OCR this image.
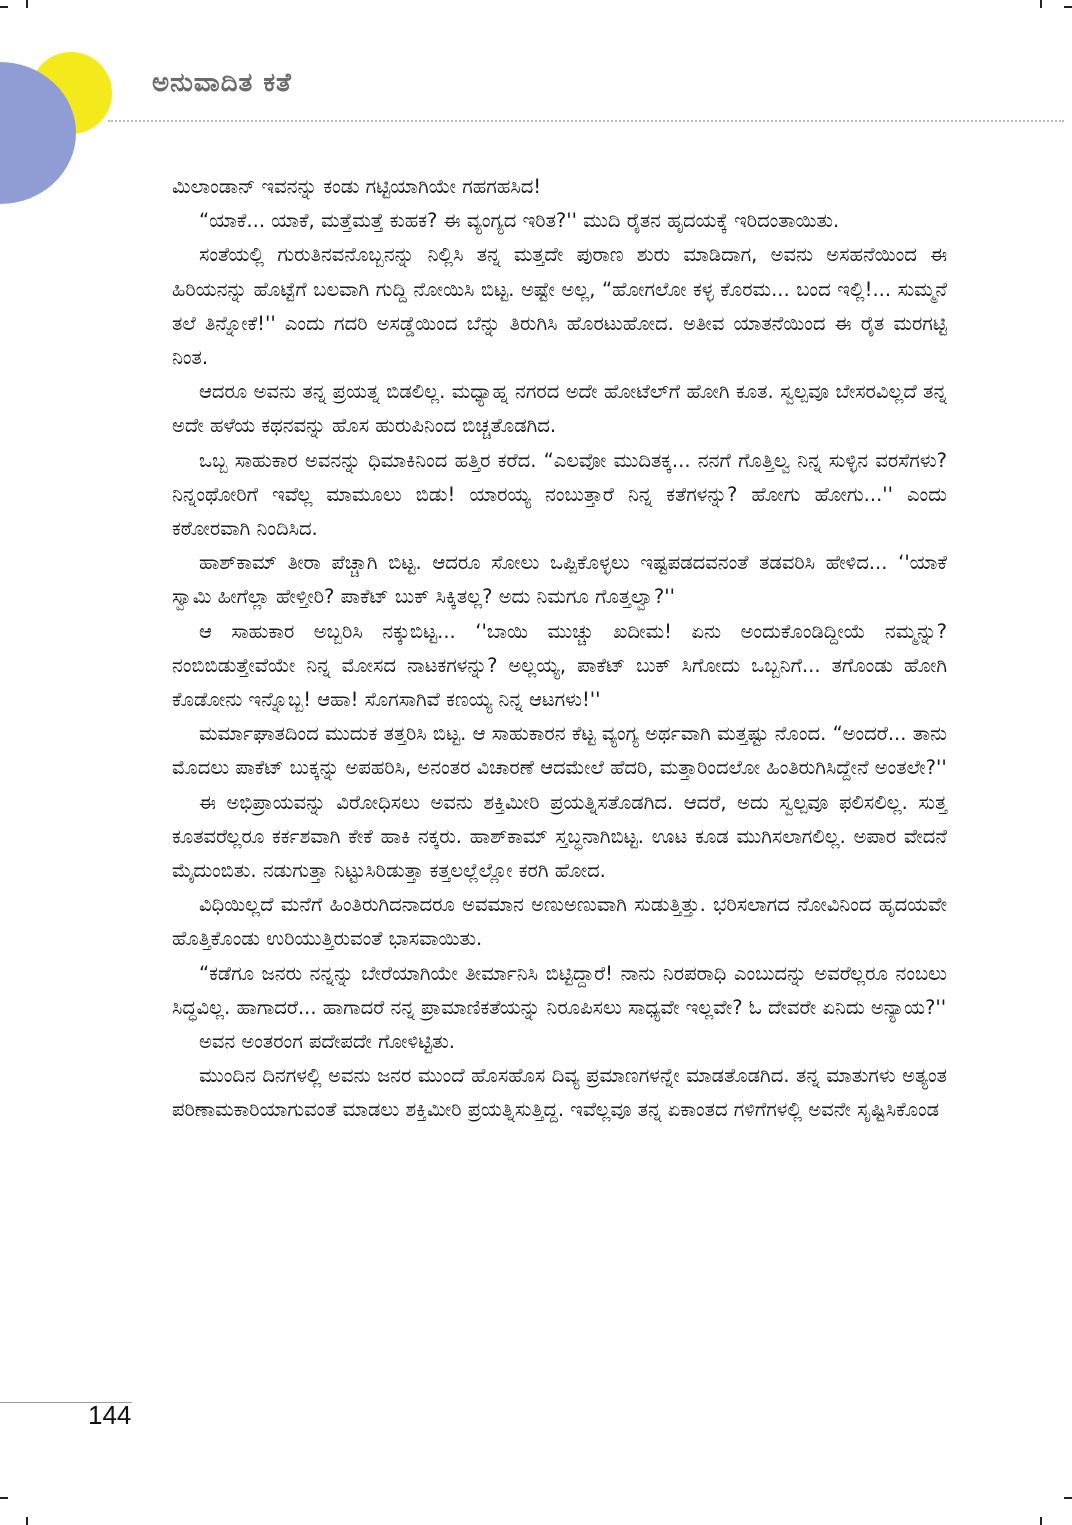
ಅನುವಾದಿತ ಕತೆ

ಮಿಲಾಂಡಾನ್ ಇವನನ್ನು ಕಂಡು ಗಟ್ಟಿಯಾಗಿಯೇ ಗಹಗಹಸಿದ!

“ಯಾಕೆ... ಯಾಕೆ, ಮತ್ತೆಮತ್ತೆ ಕುಹಕ? ಈ ವ್ಯಂಗ್ಯದ ಇರಿತ?'' ಮುದಿ ರೈತನ ಹೃದಯಕ್ಕೆ ಇರಿದಂತಾಯಿತು.

ಸಂತೆಯಲ್ಲಿ ಗುರುತಿನವನೊಬ್ಬನನ್ನು ನಿಲ್ಲಿಸಿ ತನ್ನ ಮತ್ತದೇ ಪುರಾಣ ಶುರು ಮಾಡಿದಾಗ, ಅವನು ಅಸಹನೆಯಿಂದ ಈ ಹಿರಿಯನನ್ನು ಹೊಟ್ಟೆಗೆ ಬಲವಾಗಿ ಗುದ್ದಿ ನೋಯಿಸಿ ಬಿಟ್ಟ. ಅಷ್ಟೇ ಅಲ್ಲ, “ಹೋಗಲೋ ಕಳ್ಳ ಕೊರಮ... ಬಂದ ಇಲ್ಲಿ!... ಸುಮ್ಮನೆ ತಲೆ ತಿನ್ನೋಕೆ!'' ಎಂದು ಗದರಿ ಅಸಡ್ಡೆಯಿಂದ ಬೆನ್ನು ತಿರುಗಿಸಿ ಹೊರಟುಹೋದ. ಅತೀವ ಯಾತನೆಯಿಂದ ಈ ರೈತ ಮರಗಟ್ಟಿ ನಿಂತ.

ಆದರೂ ಅವನು ತನ್ನ ಪ್ರಯತ್ನ ಬಿಡಲಿಲ್ಲ. ಮಧ್ಯಾಹ್ನ ನಗರದ ಅದೇ ಹೋಟೆಲ್‌ಗೆ ಹೋಗಿ ಕೂತ. ಸ್ವಲ್ಪವೂ ಬೇಸರವಿಲ್ಲದೆ ತನ್ನ ಅದೇ ಹಳೆಯ ಕಥನವನ್ನು ಹೊಸ ಹುರುಪಿನಿಂದ ಬಿಚ್ಚತೊಡಗಿದ.

ಒಬ್ಬ ಸಾಹುಕಾರ ಅವನನ್ನು ಧಿಮಾಕಿನಿಂದ ಹತ್ತಿರ ಕರೆದ. “ಎಲವೋ ಮುದಿತಕ್ಕ... ನನಗೆ ಗೊತ್ತಿಲ್ವ ನಿನ್ನ ಸುಳ್ಳಿನ ವರಸೆಗಳು? ನಿನ್ನಂಥೋರಿಗೆ ಇವೆಲ್ಲ ಮಾಮೂಲು ಬಿಡು! ಯಾರಯ್ಯ ನಂಬುತ್ತಾರೆ ನಿನ್ನ ಕತೆಗಳನ್ನು? ಹೋಗು ಹೋಗು...'' ಎಂದು ಕಠೋರವಾಗಿ ನಿಂದಿಸಿದ.

ಹಾಶ್‌ಕಾಮ್ ತೀರಾ ಪೆಚ್ಚಾಗಿ ಬಿಟ್ಟ. ಆದರೂ ಸೋಲು ಒಪ್ಪಿಕೊಳ್ಳಲು ಇಷ್ಟಪಡದವನಂತೆ ತಡವರಿಸಿ ಹೇಳಿದ... ‘'ಯಾಕೆ ಸ್ವಾಮಿ ಹೀಗೆಲ್ಲಾ ಹೇಳ್ತೀರಿ? ಪಾಕೆಟ್ ಬುಕ್ ಸಿಕ್ಕಿತಲ್ಲ? ಅದು ನಿಮಗೂ ಗೊತ್ತಲ್ವಾ?''

ಆ ಸಾಹುಕಾರ ಅಬ್ಬರಿಸಿ ನಕ್ಕುಬಿಟ್ಟ... ‘'ಬಾಯಿ ಮುಚ್ಚು ಖದೀಮ! ಏನು ಅಂದುಕೊಂಡಿದ್ದೀಯೆ ನಮ್ಮನ್ನು? ನಂಬಿಬಿಡುತ್ತೇವೆಯೇ ನಿನ್ನ ಮೋಸದ ನಾಟಕಗಳನ್ನು? ಅಲ್ಲಯ್ಯ, ಪಾಕೆಟ್ ಬುಕ್ ಸಿಗೋದು ಒಬ್ಬನಿಗೆ... ತಗೊಂಡು ಹೋಗಿ ಕೊಡೋನು ಇನ್ನೊಬ್ಬ! ಆಹಾ! ಸೊಗಸಾಗಿವೆ ಕಣಯ್ಯ ನಿನ್ನ ಆಟಗಳು!''

ಮರ್ಮಾಘಾತದಿಂದ ಮುದುಕ ತತ್ತರಿಸಿ ಬಿಟ್ಟ. ಆ ಸಾಹುಕಾರನ ಕೆಟ್ಟ ವ್ಯಂಗ್ಯ ಅರ್ಥವಾಗಿ ಮತ್ತಷ್ಟು ನೊಂದ. “ಅಂದರೆ... ತಾನು ಮೊದಲು ಪಾಕೆಟ್ ಬುಕ್ಕನ್ನು ಅಪಹರಿಸಿ, ಅನಂತರ ವಿಚಾರಣೆ ಆದಮೇಲೆ ಹೆದರಿ, ಮತ್ತಾರಿಂದಲೋ ಹಿಂತಿರುಗಿಸಿದ್ದೇನೆ ಅಂತಲೇ?''

ಈ ಅಭಿಪ್ರಾಯವನ್ನು ವಿರೋಧಿಸಲು ಅವನು ಶಕ್ತಿಮೀರಿ ಪ್ರಯತ್ನಿಸತೊಡಗಿದ. ಆದರೆ, ಅದು ಸ್ವಲ್ಪವೂ ಫಲಿಸಲಿಲ್ಲ. ಸುತ್ತ ಕೂತವರೆಲ್ಲರೂ ಕರ್ಕಶವಾಗಿ ಕೇಕೆ ಹಾಕಿ ನಕ್ಕರು. ಹಾಶ್‌ಕಾಮ್ ಸ್ತಬ್ಧನಾಗಿಬಿಟ್ಟ. ಊಟ ಕೂಡ ಮುಗಿಸಲಾಗಲಿಲ್ಲ. ಅಪಾರ ವೇದನೆ ಮೈದುಂಬಿತು. ನಡುಗುತ್ತಾ ನಿಟ್ಟುಸಿರಿಡುತ್ತಾ ಕತ್ತಲಲ್ಲೆಲ್ಲೋ ಕರಗಿ ಹೋದ.

ವಿಧಿಯಿಲ್ಲದೆ ಮನೆಗೆ ಹಿಂತಿರುಗಿದನಾದರೂ ಅವಮಾನ ಅಣುಅಣುವಾಗಿ ಸುಡುತ್ತಿತ್ತು. ಭರಿಸಲಾಗದ ನೋವಿನಿಂದ ಹೃದಯವೇ ಹೊತ್ತಿಕೊಂಡು ಉರಿಯುತ್ತಿರುವಂತೆ ಭಾಸವಾಯಿತು.

“ಕಡೆಗೂ ಜನರು ನನ್ನನ್ನು ಬೇರೆಯಾಗಿಯೇ ತೀರ್ಮಾನಿಸಿ ಬಿಟ್ಟಿದ್ದಾರೆ! ನಾನು ನಿರಪರಾಧಿ ಎಂಬುದನ್ನು ಅವರೆಲ್ಲರೂ ನಂಬಲು ಸಿದ್ಧವಿಲ್ಲ. ಹಾಗಾದರೆ... ಹಾಗಾದರೆ ನನ್ನ ಪ್ರಾಮಾಣಿಕತೆಯನ್ನು ನಿರೂಪಿಸಲು ಸಾಧ್ಯವೇ ಇಲ್ಲವೇ? ಓ ದೇವರೇ ಏನಿದು ಅನ್ಯಾಯ?''

ಅವನ ಅಂತರಂಗ ಪದೇಪದೇ ಗೋಳಿಟ್ಟಿತು.

ಮುಂದಿನ ದಿನಗಳಲ್ಲಿ ಅವನು ಜನರ ಮುಂದೆ ಹೊಸಹೊಸ ದಿವ್ಯ ಪ್ರಮಾಣಗಳನ್ನೇ ಮಾಡತೊಡಗಿದ. ತನ್ನ ಮಾತುಗಳು ಅತ್ಯಂತ ಪರಿಣಾಮಕಾರಿಯಾಗುವಂತೆ ಮಾಡಲು ಶಕ್ತಿಮೀರಿ ಪ್ರಯತ್ನಿಸುತ್ತಿದ್ದ. ಇವೆಲ್ಲವೂ ತನ್ನ ಏಕಾಂತದ ಗಳಿಗೆಗಳಲ್ಲಿ ಅವನೇ ಸೃಷ್ಟಿಸಿಕೊಂಡ

144
